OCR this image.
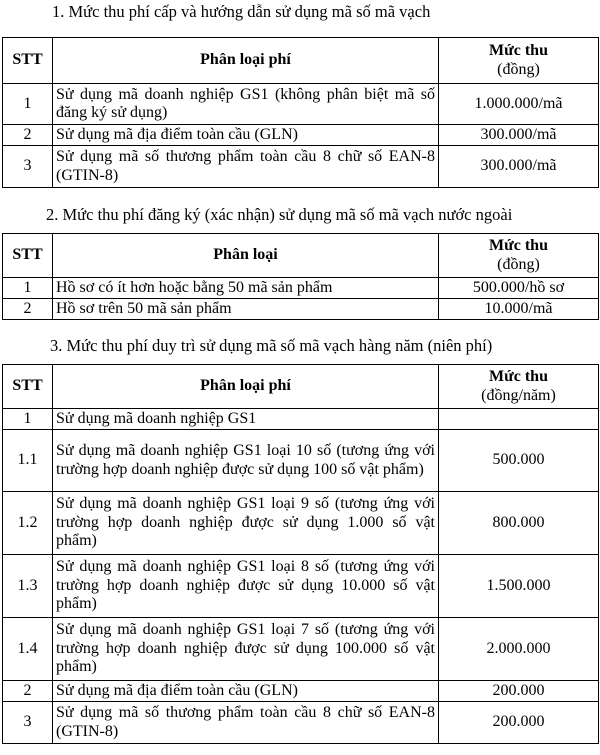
1. Mức thu phí cấp và hướng dẫn sử dụng mã số mã vạch
STT	Phân loại phí	Mức thu
(đồng)

1	Sử dụng mã doanh nghiệp GS1 (không phân biệt mã số đăng ký sử dụng)	1.000.000/mã
2	Sử dụng mã địa điểm toàn cầu (GLN)	300.000/mã
3	Sử dụng mã số thương phẩm toàn cầu 8 chữ số EAN-8 (GTIN-8)	300.000/mã
2. Mức thu phí đăng ký (xác nhận) sử dụng mã số mã vạch nước ngoài
STT	Phân loại	Mức thu
(đồng)

1	Hồ sơ có ít hơn hoặc bằng 50 mã sản phẩm	500.000/hồ sơ
2	Hồ sơ trên 50 mã sản phẩm	10.000/mã
3. Mức thu phí duy trì sử dụng mã số mã vạch hàng năm (niên phí)
STT	Phân loại phí	Mức thu
(đồng/năm)

1	Sử dụng mã doanh nghiệp GS1	
1.1	Sử dụng mã doanh nghiệp GS1 loại 10 số (tương ứng với trường hợp doanh nghiệp được sử dụng 100 số vật phẩm)	500.000
1.2	Sử dụng mã doanh nghiệp GS1 loại 9 số (tương ứng với trường hợp doanh nghiệp được sử dụng 1.000 số vật phẩm)	800.000
1.3	Sử dụng mã doanh nghiệp GS1 loại 8 số (tương ứng với trường hợp doanh nghiệp được sử dụng 10.000 số vật phẩm)	1.500.000
1.4	Sử dụng mã doanh nghiệp GS1 loại 7 số (tương ứng với trường hợp doanh nghiệp được sử dụng 100.000 số vật phẩm)	2.000.000
2	Sử dụng mã địa điểm toàn cầu (GLN)	200.000
3	Sử dụng mã số thương phẩm toàn cầu 8 chữ số EAN-8 (GTIN-8)	200.000
